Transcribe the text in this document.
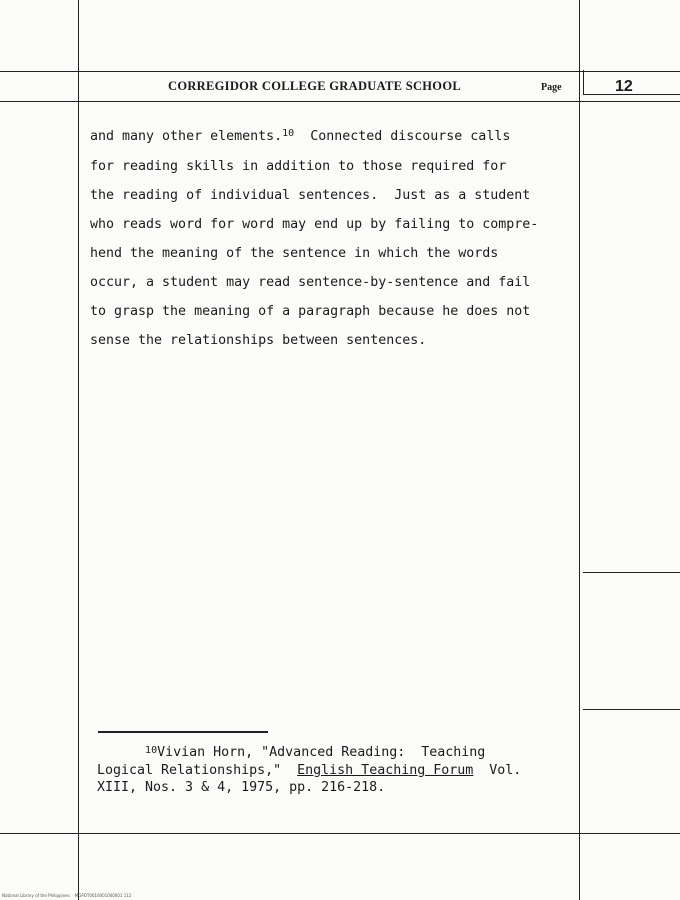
CORREGIDOR COLLEGE GRADUATE SCHOOL	Page	12
and many other elements.$^{10}$  Connected discourse calls
for reading skills in addition to those required for
the reading of individual sentences.  Just as a student
who reads word for word may end up by failing to compre-
hend the meaning of the sentence in which the words
occur, a student may read sentence-by-sentence and fail
to grasp the meaning of a paragraph because he does not
sense the relationships between sentences.
$^{10}$Vivian Horn, "Advanced Reading:  Teaching
Logical Relationships,"  English Teaching Forum  Vol.
XIII, Nos. 3 & 4, 1975, pp. 216-218.
National Library of the Philippines    MGPOT0010001000001 112
